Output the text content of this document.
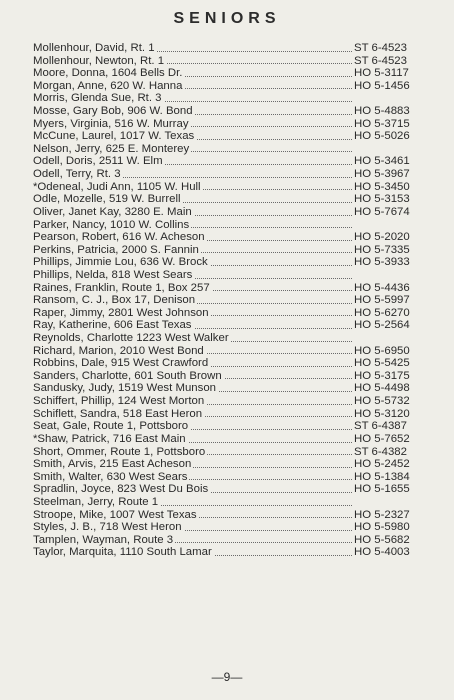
SENIORS
Mollenhour, David, Rt. 1	ST 6-4523
Mollenhour, Newton, Rt. 1	ST 6-4523
Moore, Donna, 1604 Bells Dr.	HO 5-3117
Morgan, Anne, 620 W. Hanna	HO 5-1456
Morris, Glenda Sue, Rt. 3
Mosse, Gary Bob, 906 W. Bond	HO 5-4883
Myers, Virginia, 516 W. Murray	HO 5-3715
McCune, Laurel, 1017 W. Texas	HO 5-5026
Nelson, Jerry, 625 E. Monterey
Odell, Doris, 2511 W. Elm	HO 5-3461
Odell, Terry, Rt. 3	HO 5-3967
*Odeneal, Judi Ann, 1105 W. Hull	HO 5-3450
Odle, Mozelle, 519 W. Burrell	HO 5-3153
Oliver, Janet Kay, 3280 E. Main	HO 5-7674
Parker, Nancy, 1010 W. Collins
Pearson, Robert, 616 W. Acheson	HO 5-2020
Perkins, Patricia, 2000 S. Fannin	HO 5-7335
Phillips, Jimmie Lou, 636 W. Brock	HO 5-3933
Phillips, Nelda, 818 West Sears
Raines, Franklin, Route 1, Box 257	HO 5-4436
Ransom, C. J., Box 17, Denison	HO 5-5997
Raper, Jimmy, 2801 West Johnson	HO 5-6270
Ray, Katherine, 606 East Texas	HO 5-2564
Reynolds, Charlotte 1223 West Walker
Richard, Marion, 2010 West Bond	HO 5-6950
Robbins, Dale, 915 West Crawford	HO 5-5425
Sanders, Charlotte, 601 South Brown	HO 5-3175
Sandusky, Judy, 1519 West Munson	HO 5-4498
Schiffert, Phillip, 124 West Morton	HO 5-5732
Schiflett, Sandra, 518 East Heron	HO 5-3120
Seat, Gale, Route 1, Pottsboro	ST 6-4387
*Shaw, Patrick, 716 East Main	HO 5-7652
Short, Ommer, Route 1, Pottsboro	ST 6-4382
Smith, Arvis, 215 East Acheson	HO 5-2452
Smith, Walter, 630 West Sears	HO 5-1384
Spradlin, Joyce, 823 West Du Bois	HO 5-1655
Steelman, Jerry, Route 1
Stroope, Mike, 1007 West Texas	HO 5-2327
Styles, J. B., 718 West Heron	HO 5-5980
Tamplen, Wayman, Route 3	HO 5-5682
Taylor, Marquita, 1110 South Lamar	HO 5-4003
—9—
